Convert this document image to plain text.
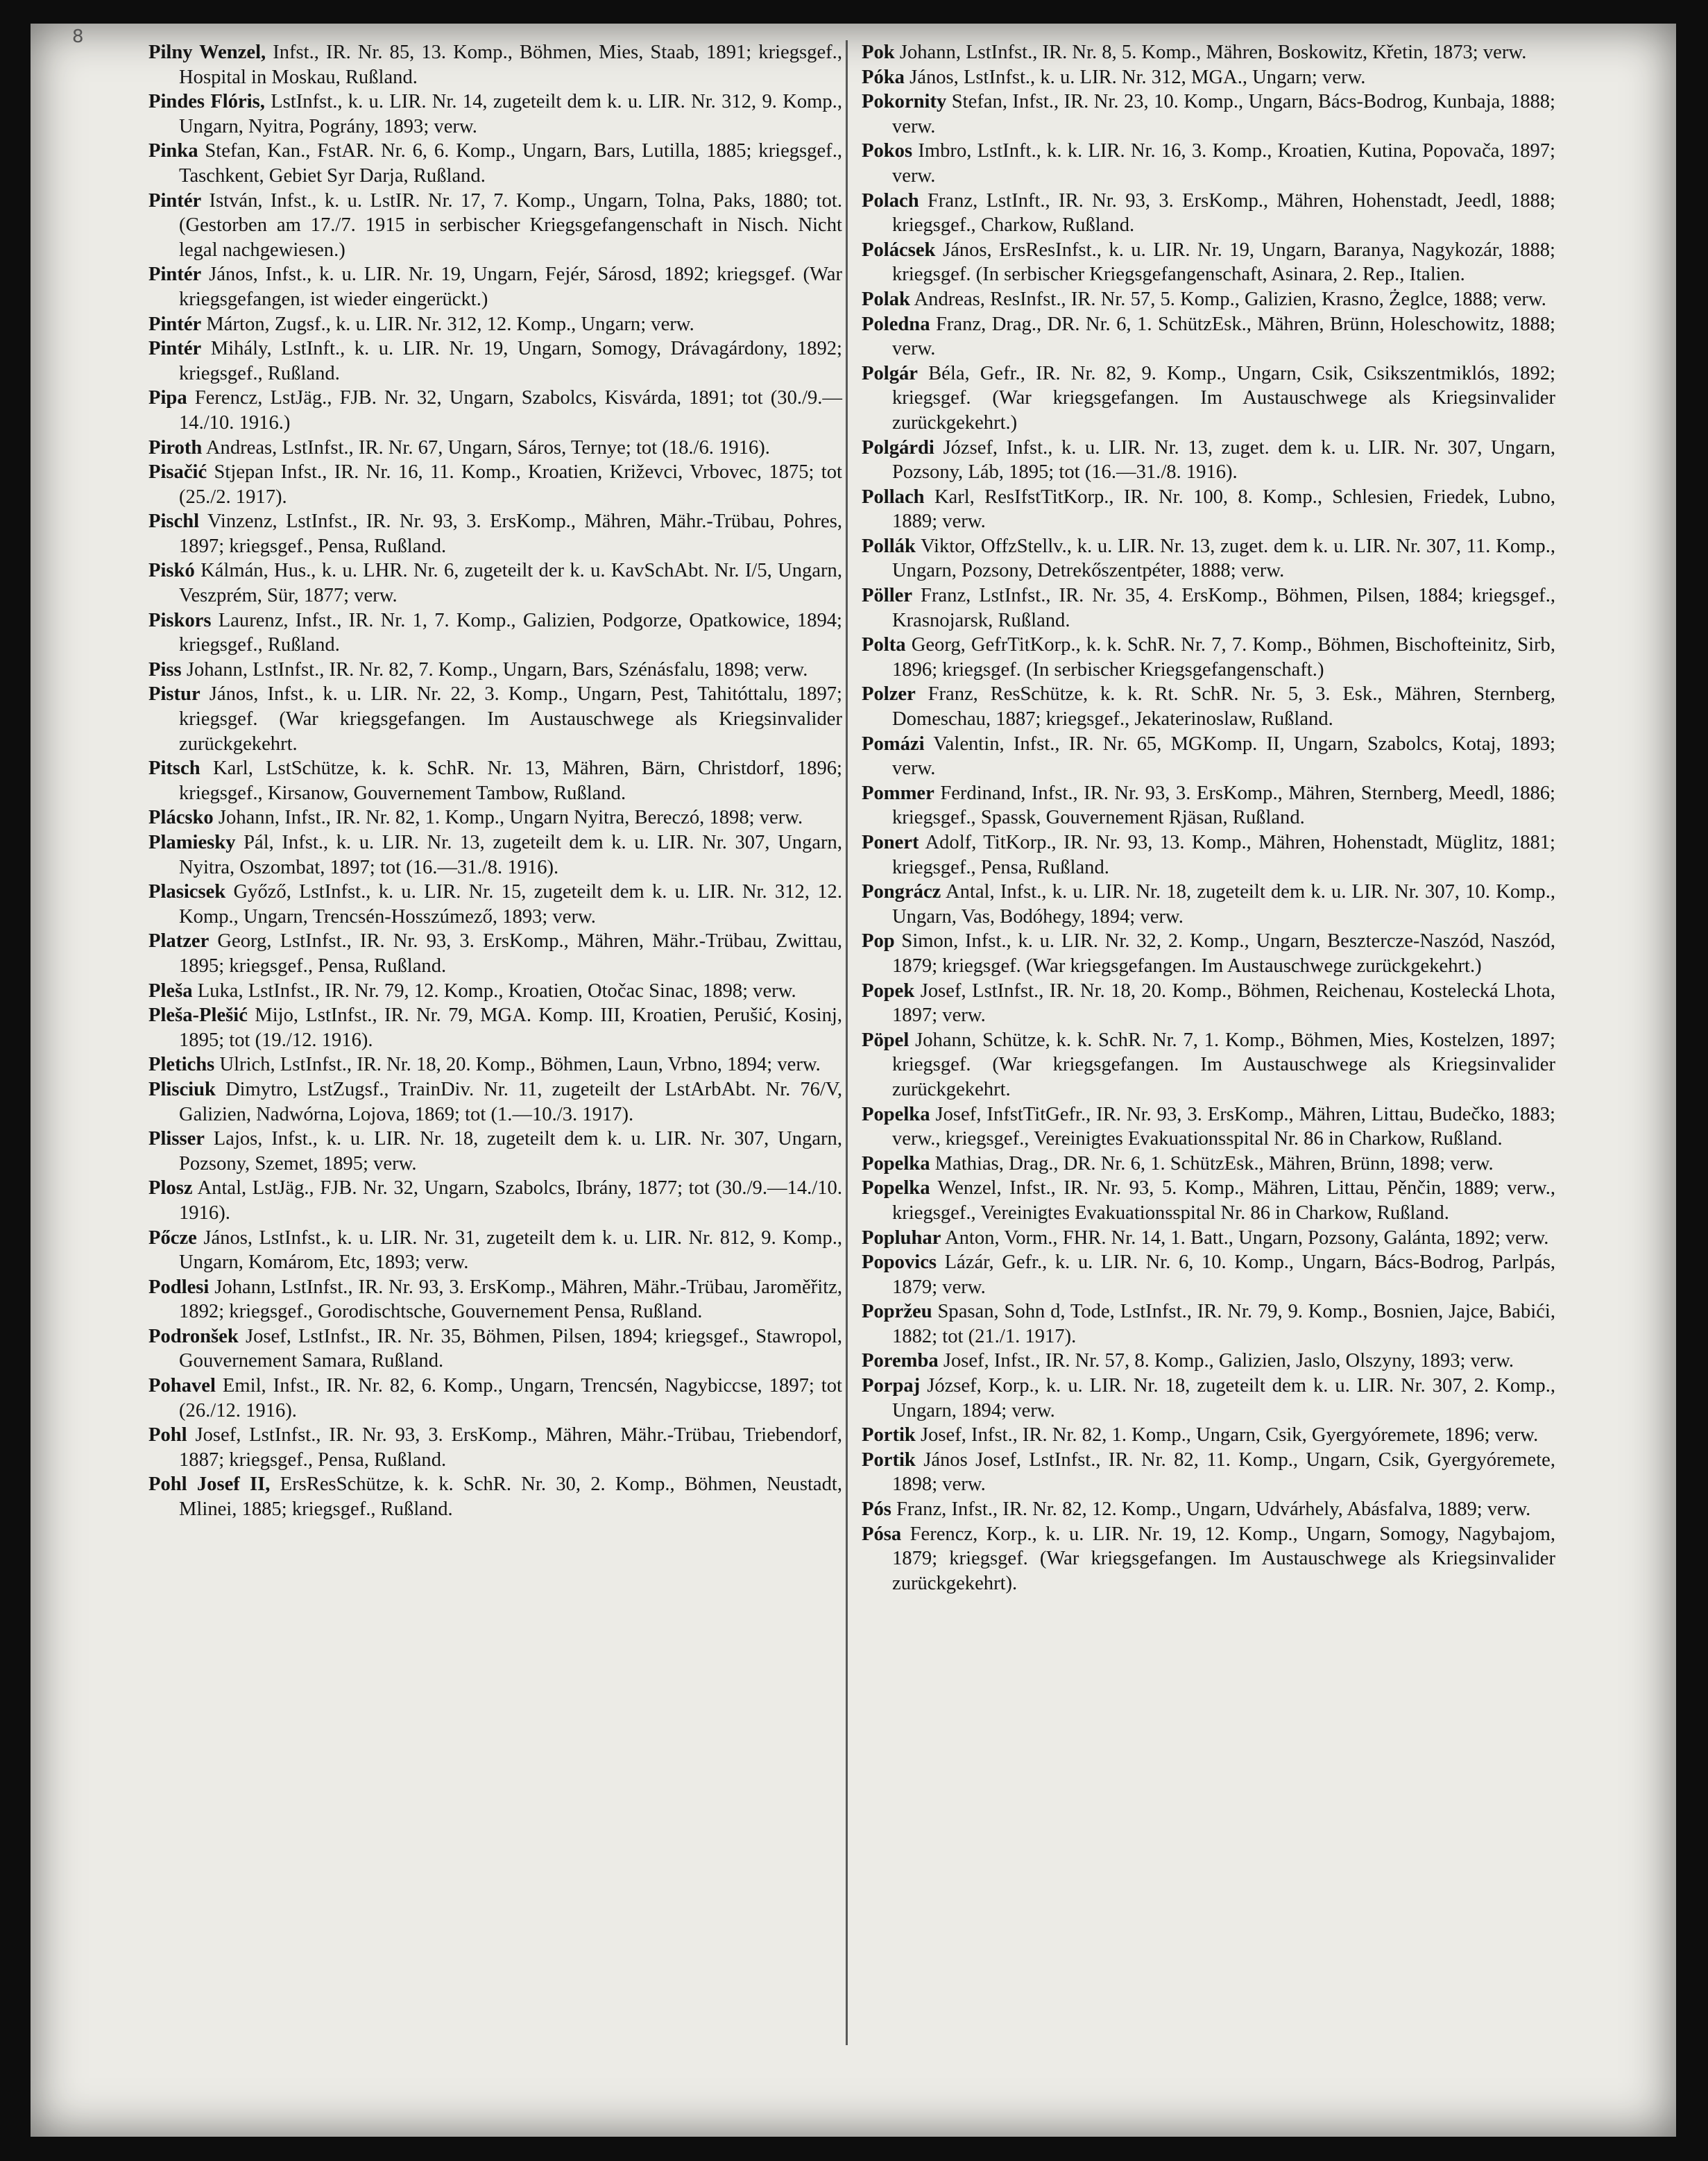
8
Pilny Wenzel, Infst., IR. Nr. 85, 13. Komp., Böhmen, Mies, Staab, 1891; kriegsgef., Hospital in Moskau, Rußland.
Pindes Flóris, LstInfst., k. u. LIR. Nr. 14, zugeteilt dem k. u. LIR. Nr. 312, 9. Komp., Ungarn, Nyitra, Pográny, 1893; verw.
Pinka Stefan, Kan., FstAR. Nr. 6, 6. Komp., Ungarn, Bars, Lutilla, 1885; kriegsgef., Taschkent, Gebiet Syr Darja, Rußland.
Pintér István, Infst., k. u. LstIR. Nr. 17, 7. Komp., Ungarn, Tolna, Paks, 1880; tot. (Gestorben am 17./7. 1915 in serbischer Kriegsgefangenschaft in Nisch. Nicht legal nachgewiesen.)
Pintér János, Infst., k. u. LIR. Nr. 19, Ungarn, Fejér, Sárosd, 1892; kriegsgef. (War kriegsgefangen, ist wieder eingerückt.)
Pintér Márton, Zugsf., k. u. LIR. Nr. 312, 12. Komp., Ungarn; verw.
Pintér Mihály, LstInft., k. u. LIR. Nr. 19, Ungarn, Somogy, Drávagárdony, 1892; kriegsgef., Rußland.
Pipa Ferencz, LstJäg., FJB. Nr. 32, Ungarn, Szabolcs, Kisvárda, 1891; tot (30./9.—14./10. 1916.)
Piroth Andreas, LstInfst., IR. Nr. 67, Ungarn, Sáros, Ternye; tot (18./6. 1916).
Pisačić Stjepan Infst., IR. Nr. 16, 11. Komp., Kroatien, Križevci, Vrbovec, 1875; tot (25./2. 1917).
Pischl Vinzenz, LstInfst., IR. Nr. 93, 3. ErsKomp., Mähren, Mähr.-Trübau, Pohres, 1897; kriegsgef., Pensa, Rußland.
Piskó Kálmán, Hus., k. u. LHR. Nr. 6, zugeteilt der k. u. KavSchAbt. Nr. I/5, Ungarn, Veszprém, Sür, 1877; verw.
Piskors Laurenz, Infst., IR. Nr. 1, 7. Komp., Galizien, Podgorze, Opatkowice, 1894; kriegsgef., Rußland.
Piss Johann, LstInfst., IR. Nr. 82, 7. Komp., Ungarn, Bars, Szénásfalu, 1898; verw.
Pistur János, Infst., k. u. LIR. Nr. 22, 3. Komp., Ungarn, Pest, Tahitóttalu, 1897; kriegsgef. (War kriegsgefangen. Im Austauschwege als Kriegsinvalider zurückgekehrt.
Pitsch Karl, LstSchütze, k. k. SchR. Nr. 13, Mähren, Bärn, Christdorf, 1896; kriegsgef., Kirsanow, Gouvernement Tambow, Rußland.
Plácsko Johann, Infst., IR. Nr. 82, 1. Komp., Ungarn Nyitra, Bereczó, 1898; verw.
Plamiesky Pál, Infst., k. u. LIR. Nr. 13, zugeteilt dem k. u. LIR. Nr. 307, Ungarn, Nyitra, Oszombat, 1897; tot (16.—31./8. 1916).
Plasicsek Győző, LstInfst., k. u. LIR. Nr. 15, zugeteilt dem k. u. LIR. Nr. 312, 12. Komp., Ungarn, Trencsén-Hosszúmező, 1893; verw.
Platzer Georg, LstInfst., IR. Nr. 93, 3. ErsKomp., Mähren, Mähr.-Trübau, Zwittau, 1895; kriegsgef., Pensa, Rußland.
Pleša Luka, LstInfst., IR. Nr. 79, 12. Komp., Kroatien, Otočac Sinac, 1898; verw.
Pleša-Plešić Mijo, LstInfst., IR. Nr. 79, MGA. Komp. III, Kroatien, Perušić, Kosinj, 1895; tot (19./12. 1916).
Pletichs Ulrich, LstInfst., IR. Nr. 18, 20. Komp., Böhmen, Laun, Vrbno, 1894; verw.
Plisciuk Dimytro, LstZugsf., TrainDiv. Nr. 11, zugeteilt der LstArbAbt. Nr. 76/V, Galizien, Nadwórna, Lojova, 1869; tot (1.—10./3. 1917).
Plisser Lajos, Infst., k. u. LIR. Nr. 18, zugeteilt dem k. u. LIR. Nr. 307, Ungarn, Pozsony, Szemet, 1895; verw.
Plosz Antal, LstJäg., FJB. Nr. 32, Ungarn, Szabolcs, Ibrány, 1877; tot (30./9.—14./10. 1916).
Pőcze János, LstInfst., k. u. LIR. Nr. 31, zugeteilt dem k. u. LIR. Nr. 812, 9. Komp., Ungarn, Komárom, Etc, 1893; verw.
Podlesi Johann, LstInfst., IR. Nr. 93, 3. ErsKomp., Mähren, Mähr.-Trübau, Jaroměřitz, 1892; kriegsgef., Gorodischtsche, Gouvernement Pensa, Rußland.
Podronšek Josef, LstInfst., IR. Nr. 35, Böhmen, Pilsen, 1894; kriegsgef., Stawropol, Gouvernement Samara, Rußland.
Pohavel Emil, Infst., IR. Nr. 82, 6. Komp., Ungarn, Trencsén, Nagybiccse, 1897; tot (26./12. 1916).
Pohl Josef, LstInfst., IR. Nr. 93, 3. ErsKomp., Mähren, Mähr.-Trübau, Triebendorf, 1887; kriegsgef., Pensa, Rußland.
Pohl Josef II, ErsResSchütze, k. k. SchR. Nr. 30, 2. Komp., Böhmen, Neustadt, Mlinei, 1885; kriegsgef., Rußland.
Pok Johann, LstInfst., IR. Nr. 8, 5. Komp., Mähren, Boskowitz, Křetin, 1873; verw.
Póka János, LstInfst., k. u. LIR. Nr. 312, MGA., Ungarn; verw.
Pokornity Stefan, Infst., IR. Nr. 23, 10. Komp., Ungarn, Bács-Bodrog, Kunbaja, 1888; verw.
Pokos Imbro, LstInft., k. k. LIR. Nr. 16, 3. Komp., Kroatien, Kutina, Popovača, 1897; verw.
Polach Franz, LstInft., IR. Nr. 93, 3. ErsKomp., Mähren, Hohenstadt, Jeedl, 1888; kriegsgef., Charkow, Rußland.
Polácsek János, ErsResInfst., k. u. LIR. Nr. 19, Ungarn, Baranya, Nagykozár, 1888; kriegsgef. (In serbischer Kriegsgefangenschaft, Asinara, 2. Rep., Italien.
Polak Andreas, ResInfst., IR. Nr. 57, 5. Komp., Galizien, Krasno, Żeglce, 1888; verw.
Poledna Franz, Drag., DR. Nr. 6, 1. SchützEsk., Mähren, Brünn, Holeschowitz, 1888; verw.
Polgár Béla, Gefr., IR. Nr. 82, 9. Komp., Ungarn, Csik, Csikszentmiklós, 1892; kriegsgef. (War kriegsgefangen. Im Austauschwege als Kriegsinvalider zurückgekehrt.)
Polgárdi József, Infst., k. u. LIR. Nr. 13, zuget. dem k. u. LIR. Nr. 307, Ungarn, Pozsony, Láb, 1895; tot (16.—31./8. 1916).
Pollach Karl, ResIfstTitKorp., IR. Nr. 100, 8. Komp., Schlesien, Friedek, Lubno, 1889; verw.
Pollák Viktor, OffzStellv., k. u. LIR. Nr. 13, zuget. dem k. u. LIR. Nr. 307, 11. Komp., Ungarn, Pozsony, Detrekőszentpéter, 1888; verw.
Pöller Franz, LstInfst., IR. Nr. 35, 4. ErsKomp., Böhmen, Pilsen, 1884; kriegsgef., Krasnojarsk, Rußland.
Polta Georg, GefrTitKorp., k. k. SchR. Nr. 7, 7. Komp., Böhmen, Bischofteinitz, Sirb, 1896; kriegsgef. (In serbischer Kriegsgefangenschaft.)
Polzer Franz, ResSchütze, k. k. Rt. SchR. Nr. 5, 3. Esk., Mähren, Sternberg, Domeschau, 1887; kriegsgef., Jekaterinoslaw, Rußland.
Pomázi Valentin, Infst., IR. Nr. 65, MGKomp. II, Ungarn, Szabolcs, Kotaj, 1893; verw.
Pommer Ferdinand, Infst., IR. Nr. 93, 3. ErsKomp., Mähren, Sternberg, Meedl, 1886; kriegsgef., Spassk, Gouvernement Rjäsan, Rußland.
Ponert Adolf, TitKorp., IR. Nr. 93, 13. Komp., Mähren, Hohenstadt, Müglitz, 1881; kriegsgef., Pensa, Rußland.
Pongrácz Antal, Infst., k. u. LIR. Nr. 18, zugeteilt dem k. u. LIR. Nr. 307, 10. Komp., Ungarn, Vas, Bodóhegy, 1894; verw.
Pop Simon, Infst., k. u. LIR. Nr. 32, 2. Komp., Ungarn, Besztercze-Naszód, Naszód, 1879; kriegsgef. (War kriegsgefangen. Im Austauschwege zurückgekehrt.)
Popek Josef, LstInfst., IR. Nr. 18, 20. Komp., Böhmen, Reichenau, Kostelecká Lhota, 1897; verw.
Pöpel Johann, Schütze, k. k. SchR. Nr. 7, 1. Komp., Böhmen, Mies, Kostelzen, 1897; kriegsgef. (War kriegsgefangen. Im Austauschwege als Kriegsinvalider zurückgekehrt.
Popelka Josef, InfstTitGefr., IR. Nr. 93, 3. ErsKomp., Mähren, Littau, Budečko, 1883; verw., kriegsgef., Vereinigtes Evakuationsspital Nr. 86 in Charkow, Rußland.
Popelka Mathias, Drag., DR. Nr. 6, 1. SchützEsk., Mähren, Brünn, 1898; verw.
Popelka Wenzel, Infst., IR. Nr. 93, 5. Komp., Mähren, Littau, Pěnčin, 1889; verw., kriegsgef., Vereinigtes Evakuationsspital Nr. 86 in Charkow, Rußland.
Popluhar Anton, Vorm., FHR. Nr. 14, 1. Batt., Ungarn, Pozsony, Galánta, 1892; verw.
Popovics Lázár, Gefr., k. u. LIR. Nr. 6, 10. Komp., Ungarn, Bács-Bodrog, Parlpás, 1879; verw.
Popržeu Spasan, Sohn d, Tode, LstInfst., IR. Nr. 79, 9. Komp., Bosnien, Jajce, Babići, 1882; tot (21./1. 1917).
Poremba Josef, Infst., IR. Nr. 57, 8. Komp., Galizien, Jaslo, Olszyny, 1893; verw.
Porpaj József, Korp., k. u. LIR. Nr. 18, zugeteilt dem k. u. LIR. Nr. 307, 2. Komp., Ungarn, 1894; verw.
Portik Josef, Infst., IR. Nr. 82, 1. Komp., Ungarn, Csik, Gyergyóremete, 1896; verw.
Portik János Josef, LstInfst., IR. Nr. 82, 11. Komp., Ungarn, Csik, Gyergyóremete, 1898; verw.
Pós Franz, Infst., IR. Nr. 82, 12. Komp., Ungarn, Udvárhely, Abásfalva, 1889; verw.
Pósa Ferencz, Korp., k. u. LIR. Nr. 19, 12. Komp., Ungarn, Somogy, Nagybajom, 1879; kriegsgef. (War kriegsgefangen. Im Austauschwege als Kriegsinvalider zurückgekehrt).
